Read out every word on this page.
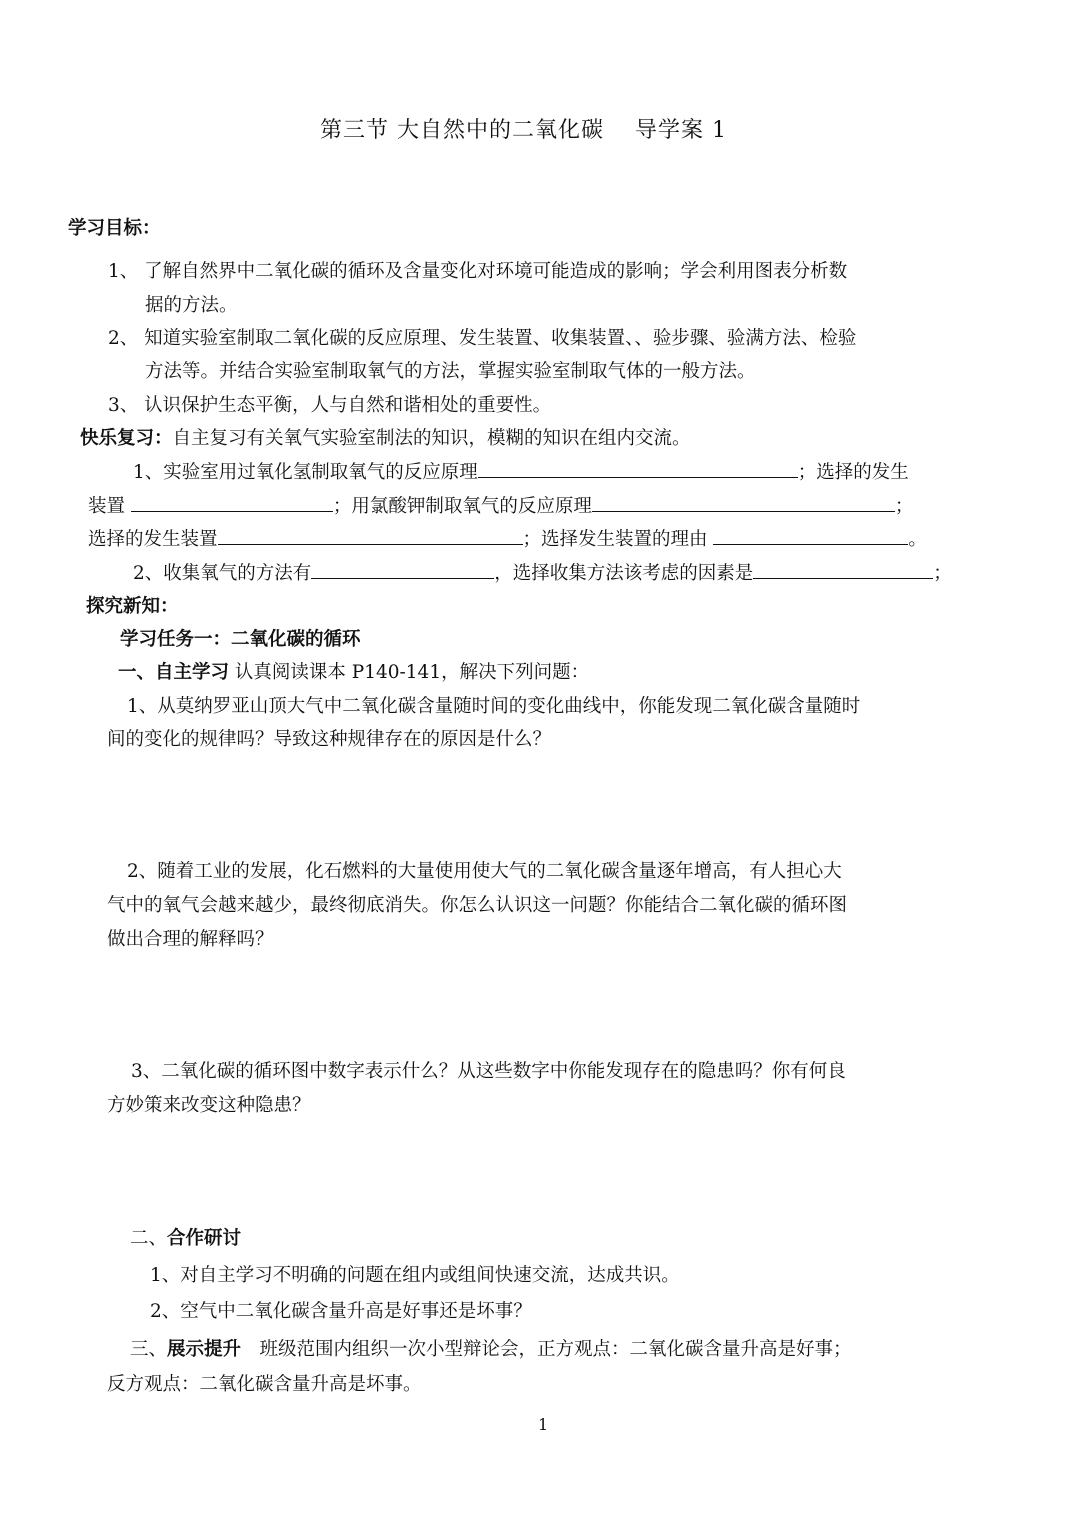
第三节 大自然中的二氧化碳　 导学案 1
学习目标：
1、 了解自然界中二氧化碳的循环及含量变化对环境可能造成的影响；学会利用图表分析数
据的方法。
2、 知道实验室制取二氧化碳的反应原理、发生装置、收集装置、、验步骤、验满方法、检验
方法等。并结合实验室制取氧气的方法，掌握实验室制取气体的一般方法。
3、 认识保护生态平衡，人与自然和谐相处的重要性。
快乐复习：自主复习有关氧气实验室制法的知识，模糊的知识在组内交流。
1、实验室用过氧化氢制取氧气的反应原理	；选择的发生
装置	；用氯酸钾制取氧气的反应原理	；
选择的发生装置	；选择发生装置的理由	。
2、收集氧气的方法有	，选择收集方法该考虑的因素是	；
探究新知：
学习任务一：二氧化碳的循环
一、自主学习 认真阅读课本 P140-141，解决下列问题：
1、从莫纳罗亚山顶大气中二氧化碳含量随时间的变化曲线中，你能发现二氧化碳含量随时
间的变化的规律吗？导致这种规律存在的原因是什么？
2、随着工业的发展，化石燃料的大量使用使大气的二氧化碳含量逐年增高，有人担心大
气中的氧气会越来越少，最终彻底消失。你怎么认识这一问题？你能结合二氧化碳的循环图
做出合理的解释吗？
3、二氧化碳的循环图中数字表示什么？从这些数字中你能发现存在的隐患吗？你有何良
方妙策来改变这种隐患？
二、合作研讨
1、对自主学习不明确的问题在组内或组间快速交流，达成共识。
2、空气中二氧化碳含量升高是好事还是坏事？
三、展示提升　班级范围内组织一次小型辩论会，正方观点：二氧化碳含量升高是好事；
反方观点：二氧化碳含量升高是坏事。
1
